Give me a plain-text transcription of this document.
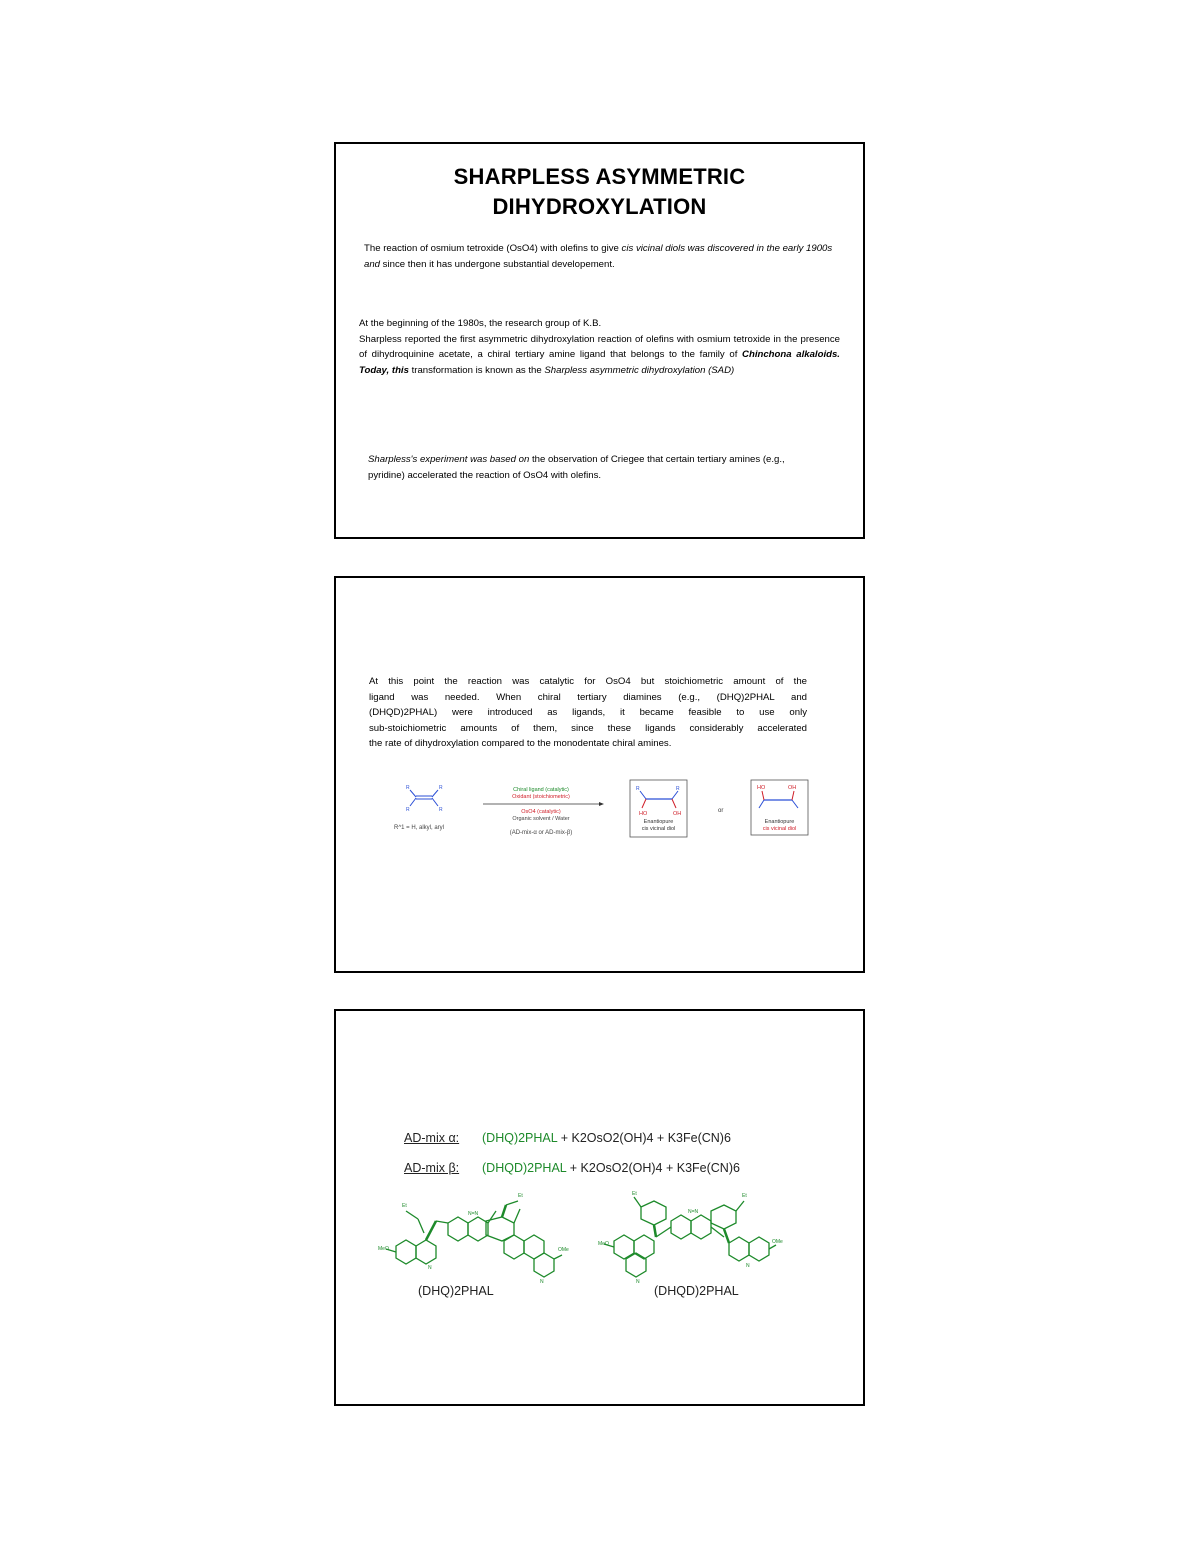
SHARPLESS ASYMMETRIC
DIHYDROXYLATION
The reaction of osmium tetroxide (OsO4) with olefins to give cis vicinal diols was discovered in the early 1900s and since then it has undergone substantial developement.
At the beginning of the 1980s, the research group of K.B.
Sharpless reported the first asymmetric dihydroxylation reaction of olefins with osmium tetroxide in the presence of dihydroquinine acetate, a chiral tertiary amine ligand that belongs to the family of Chinchona alkaloids. Today, this transformation is known as the Sharpless asymmetric dihydroxylation (SAD)
Sharpless's experiment was based on the observation of Criegee that certain tertiary amines (e.g., pyridine) accelerated the reaction of OsO4 with olefins.
At this point the reaction was catalytic for OsO4 but stoichiometric amount of the
ligand was needed. When chiral tertiary diamines (e.g., (DHQ)2PHAL and
(DHQD)2PHAL) were introduced as ligands, it became feasible to use only
sub-stoichiometric amounts of them, since these ligands considerably accelerated
the rate of dihydroxylation compared to the monodentate chiral amines.
R
R
R
R
R^1 = H, alkyl, aryl
Chiral ligand (catalytic)
Oxidant (stoichiometric)
OsO4 (catalytic)
Organic solvent / Water
(AD-mix-α or AD-mix-β)
R	R
HO	OH
Enantiopure
cis vicinal diol
or
HO	OH
Enantiopure
cis vicinal diol
AD-mix α: (DHQ)2PHAL + K2OsO2(OH)4 + K3Fe(CN)6
AD-mix β: (DHQD)2PHAL + K2OsO2(OH)4 + K3Fe(CN)6
MeO
N
N=N
OMe
N
Et
Et
(DHQ)2PHAL
MeO
N=N
OMe
Et	Et
N
N
(DHQD)2PHAL
